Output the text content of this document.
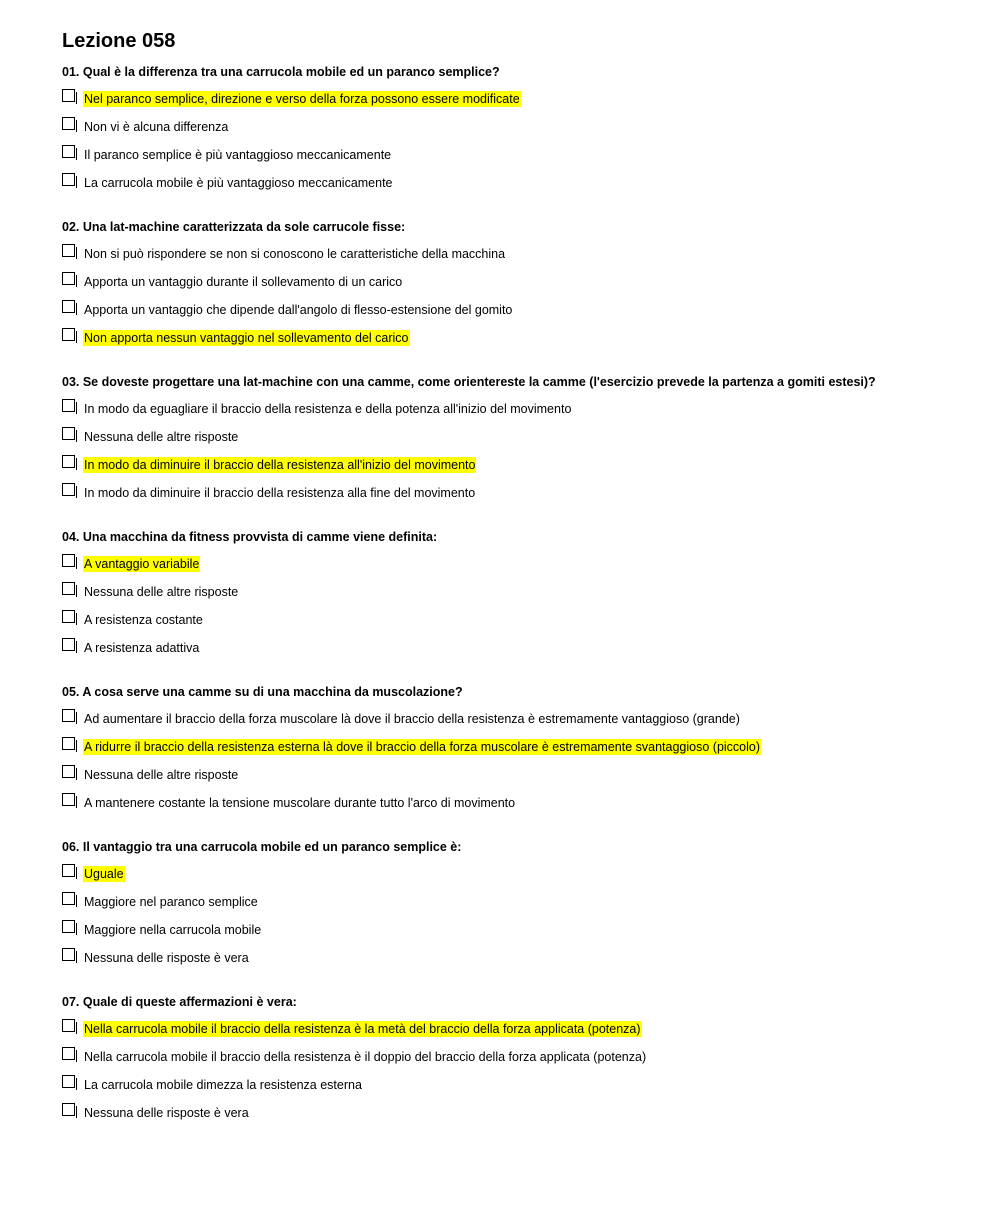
Lezione 058
01. Qual è la differenza tra una carrucola mobile ed un paranco semplice?
Nel paranco semplice, direzione e verso della forza possono essere modificate
Non vi è alcuna differenza
Il paranco semplice è più vantaggioso meccanicamente
La carrucola mobile è più vantaggioso meccanicamente
02. Una lat-machine caratterizzata da sole carrucole fisse:
Non si può rispondere se non si conoscono le caratteristiche della macchina
Apporta un vantaggio durante il sollevamento di un carico
Apporta un vantaggio che dipende dall'angolo di flesso-estensione del gomito
Non apporta nessun vantaggio nel sollevamento del carico
03. Se doveste progettare una lat-machine con una camme, come orientereste la camme (l'esercizio prevede la partenza a gomiti estesi)?
In modo da eguagliare il braccio della resistenza e della potenza all'inizio del movimento
Nessuna delle altre risposte
In modo da diminuire il braccio della resistenza all'inizio del movimento
In modo da diminuire il braccio della resistenza alla fine del movimento
04. Una macchina da fitness provvista di camme viene definita:
A vantaggio variabile
Nessuna delle altre risposte
A resistenza costante
A resistenza adattiva
05. A cosa serve una camme su di una macchina da muscolazione?
Ad aumentare il braccio della forza muscolare là dove il braccio della resistenza è estremamente vantaggioso (grande)
A ridurre il braccio della resistenza esterna là dove il braccio della forza muscolare è estremamente svantaggioso (piccolo)
Nessuna delle altre risposte
A mantenere costante la tensione muscolare durante tutto l'arco di movimento
06. Il vantaggio tra una carrucola mobile ed un paranco semplice è:
Uguale
Maggiore nel paranco semplice
Maggiore nella carrucola mobile
Nessuna delle risposte è vera
07. Quale di queste affermazioni è vera:
Nella carrucola mobile il braccio della resistenza è la metà del braccio della forza applicata (potenza)
Nella carrucola mobile il braccio della resistenza è il doppio del braccio della forza applicata (potenza)
La carrucola mobile dimezza la resistenza esterna
Nessuna delle risposte è vera
